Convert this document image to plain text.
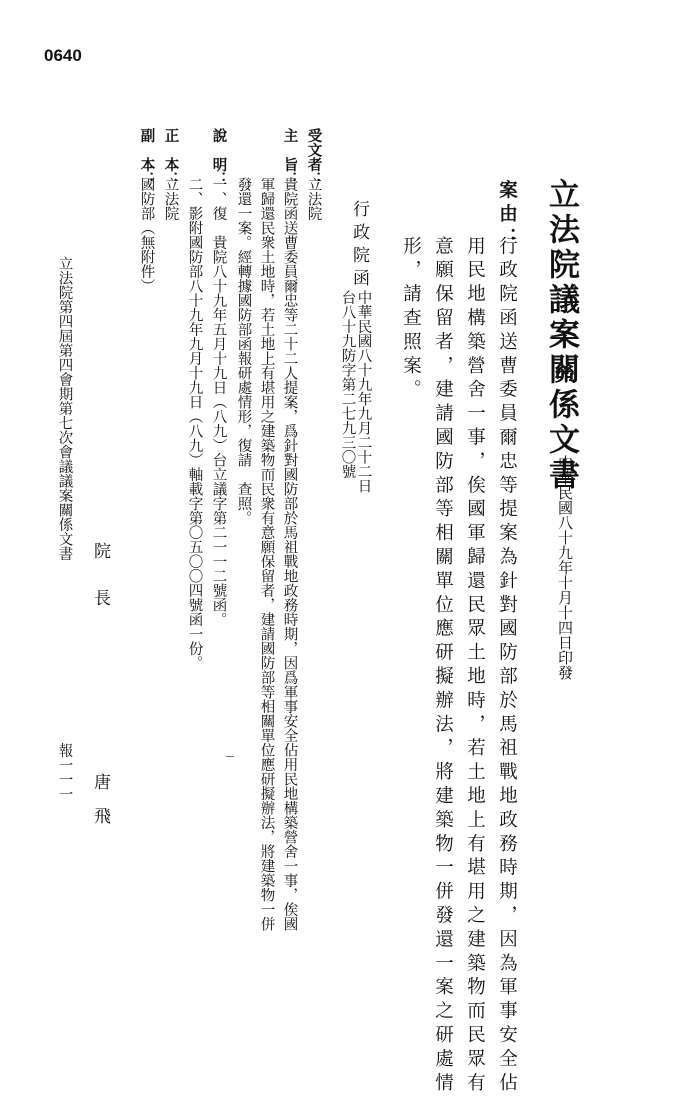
0640
立法院議案關係文書
中華民國八十九年十月十四日印發
案由：
行政院函送曹委員爾忠等提案為針對國防部於馬祖戰地政務時期，因為軍事安全佔
用民地構築營舍一事，俟國軍歸還民眾土地時，若土地上有堪用之建築物而民眾有
意願保留者，建請國防部等相關單位應研擬辦法，將建築物一併發還一案之研處情
形，請查照案。
行政院函
中華民國八十九年九月二十二日
台八十九防字第二七九三〇號
受文者：
立法院
主　旨：
貴院函送曹委員爾忠等二十二人提案，爲針對國防部於馬祖戰地政務時期，因爲軍事安全佔用民地構築營舍一事，俟國
軍歸還民衆土地時，若土地上有堪用之建築物而民衆有意願保留者，建請國防部等相關單位應研擬辦法，將建築物一併
發還一案。經轉據國防部函報研處情形，復請　查照。
說　明：
一、復　貴院八十九年五月十九日（八九）台立議字第二一一二號函。
二、影附國防部八十九年九月十九日（八九）軸載字第〇五〇〇四號函一份。
正　本：
立法院
副　本：
國防部（無附件）
院長
唐　飛
立法院第四屆第四會期第七次會議議案關係文書
報一一一
